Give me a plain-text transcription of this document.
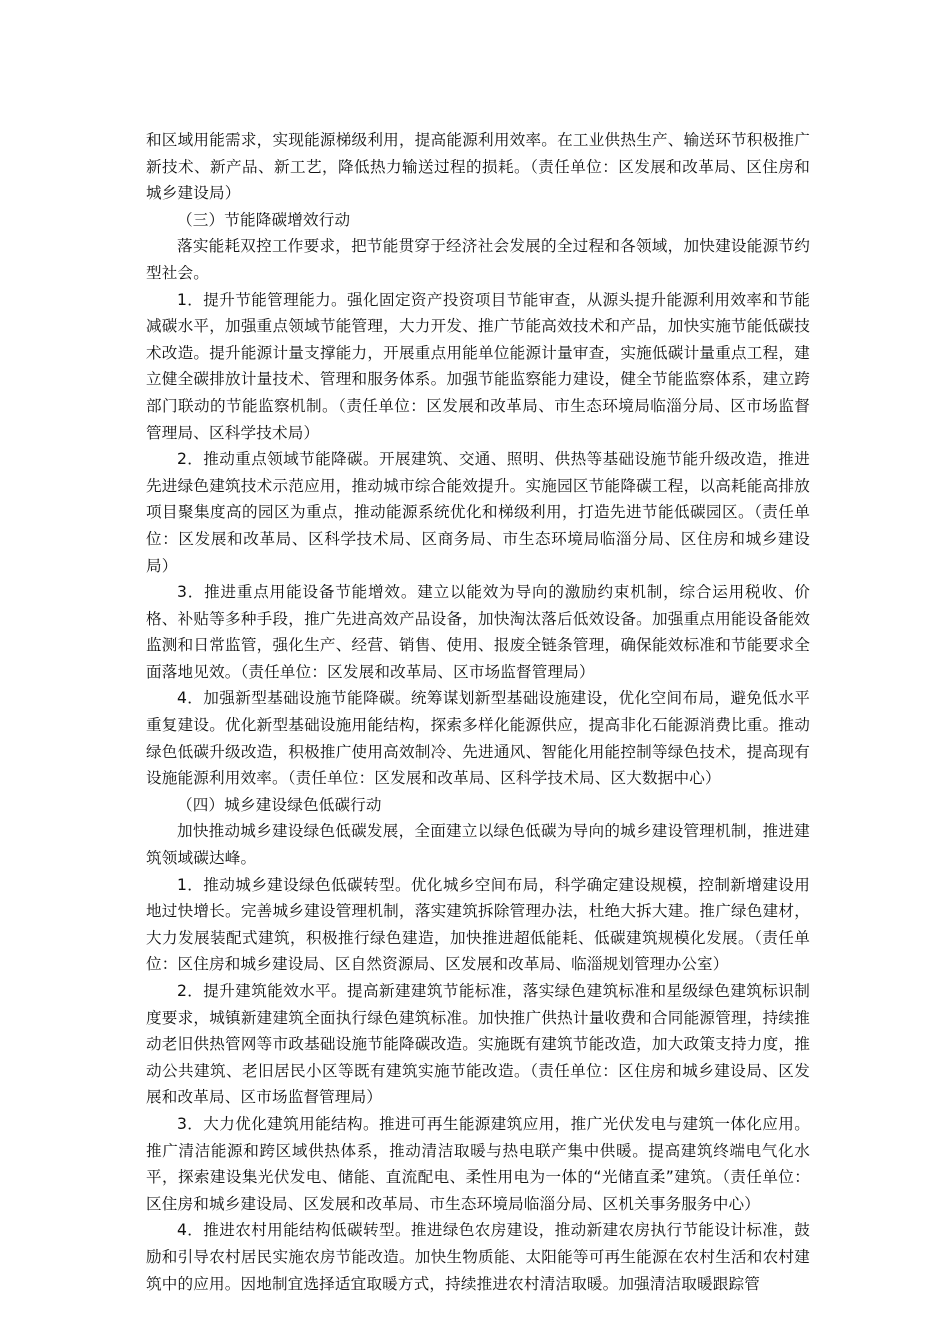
和区域用能需求，实现能源梯级利用，提高能源利用效率。在工业供热生产、输送环节积极推广新技术、新产品、新工艺，降低热力输送过程的损耗。（责任单位：区发展和改革局、区住房和城乡建设局）

（三）节能降碳增效行动

落实能耗双控工作要求，把节能贯穿于经济社会发展的全过程和各领域，加快建设能源节约型社会。

1．提升节能管理能力。强化固定资产投资项目节能审查，从源头提升能源利用效率和节能减碳水平，加强重点领域节能管理，大力开发、推广节能高效技术和产品，加快实施节能低碳技术改造。提升能源计量支撑能力，开展重点用能单位能源计量审查，实施低碳计量重点工程，建立健全碳排放计量技术、管理和服务体系。加强节能监察能力建设，健全节能监察体系，建立跨部门联动的节能监察机制。（责任单位：区发展和改革局、市生态环境局临淄分局、区市场监督管理局、区科学技术局）

2．推动重点领域节能降碳。开展建筑、交通、照明、供热等基础设施节能升级改造，推进先进绿色建筑技术示范应用，推动城市综合能效提升。实施园区节能降碳工程，以高耗能高排放项目聚集度高的园区为重点，推动能源系统优化和梯级利用，打造先进节能低碳园区。（责任单位：区发展和改革局、区科学技术局、区商务局、市生态环境局临淄分局、区住房和城乡建设局）

3．推进重点用能设备节能增效。建立以能效为导向的激励约束机制，综合运用税收、价格、补贴等多种手段，推广先进高效产品设备，加快淘汰落后低效设备。加强重点用能设备能效监测和日常监管，强化生产、经营、销售、使用、报废全链条管理，确保能效标准和节能要求全面落地见效。（责任单位：区发展和改革局、区市场监督管理局）

4．加强新型基础设施节能降碳。统筹谋划新型基础设施建设，优化空间布局，避免低水平重复建设。优化新型基础设施用能结构，探索多样化能源供应，提高非化石能源消费比重。推动绿色低碳升级改造，积极推广使用高效制冷、先进通风、智能化用能控制等绿色技术，提高现有设施能源利用效率。（责任单位：区发展和改革局、区科学技术局、区大数据中心）

（四）城乡建设绿色低碳行动

加快推动城乡建设绿色低碳发展，全面建立以绿色低碳为导向的城乡建设管理机制，推进建筑领域碳达峰。

1．推动城乡建设绿色低碳转型。优化城乡空间布局，科学确定建设规模，控制新增建设用地过快增长。完善城乡建设管理机制，落实建筑拆除管理办法，杜绝大拆大建。推广绿色建材，大力发展装配式建筑，积极推行绿色建造，加快推进超低能耗、低碳建筑规模化发展。（责任单位：区住房和城乡建设局、区自然资源局、区发展和改革局、临淄规划管理办公室）

2．提升建筑能效水平。提高新建建筑节能标准，落实绿色建筑标准和星级绿色建筑标识制度要求，城镇新建建筑全面执行绿色建筑标准。加快推广供热计量收费和合同能源管理，持续推动老旧供热管网等市政基础设施节能降碳改造。实施既有建筑节能改造，加大政策支持力度，推动公共建筑、老旧居民小区等既有建筑实施节能改造。（责任单位：区住房和城乡建设局、区发展和改革局、区市场监督管理局）

3．大力优化建筑用能结构。推进可再生能源建筑应用，推广光伏发电与建筑一体化应用。推广清洁能源和跨区域供热体系，推动清洁取暖与热电联产集中供暖。提高建筑终端电气化水平，探索建设集光伏发电、储能、直流配电、柔性用电为一体的“光储直柔”建筑。（责任单位：区住房和城乡建设局、区发展和改革局、市生态环境局临淄分局、区机关事务服务中心）

4．推进农村用能结构低碳转型。推进绿色农房建设，推动新建农房执行节能设计标准，鼓励和引导农村居民实施农房节能改造。加快生物质能、太阳能等可再生能源在农村生活和农村建筑中的应用。因地制宜选择适宜取暖方式，持续推进农村清洁取暖。加强清洁取暖跟踪管
